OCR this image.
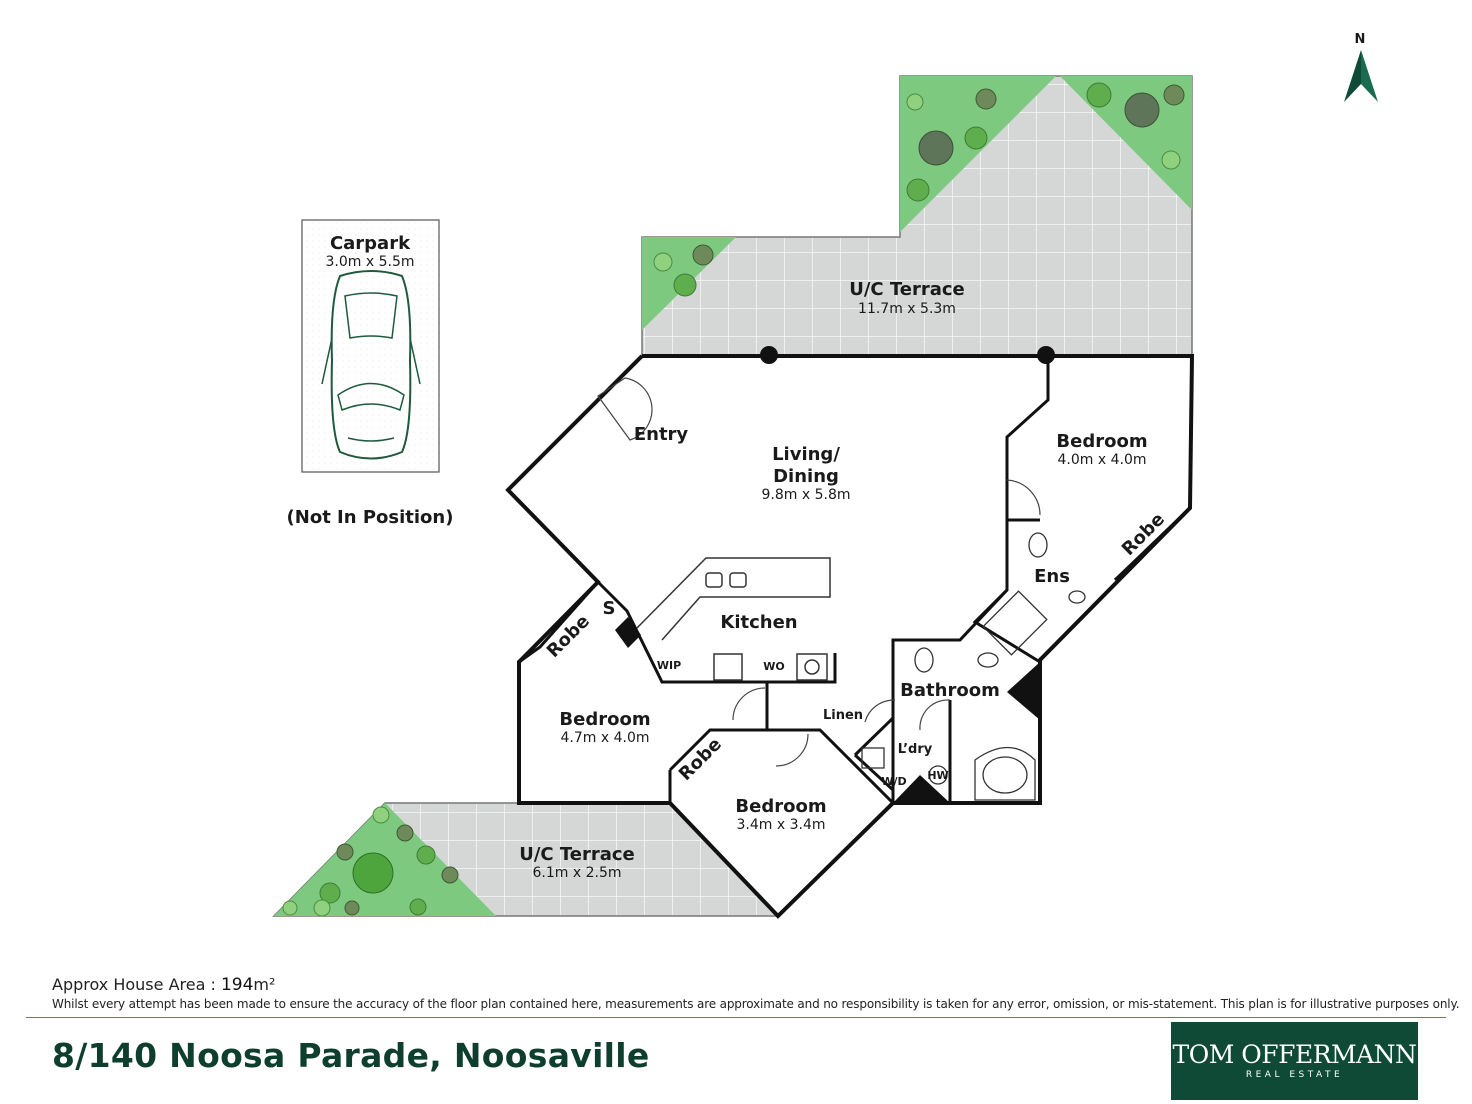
U/C Terrace
11.7m x 5.3m
Entry
Living/
Dining
9.8m x 5.8m
Bedroom
4.0m x 4.0m
Robe
Ens
Kitchen
S
Robe
WIP	WO
Bathroom
Linen
L’dry
W/D HW
Bedroom
4.7m x 4.0m Robe
Bedroom
3.4m x 3.4m
U/C Terrace
6.1m x 2.5m
Carpark
3.0m x 5.5m
(Not In Position)
N
Approx House Area : 194m²
Whilst every attempt has been made to ensure the accuracy of the floor plan contained here, measurements are approximate and no responsibility is taken for any error, omission, or mis-statement. This plan is for illustrative purposes only.
8/140 Noosa Parade, Noosaville	TOM OFFERMANN
REAL ESTATE
